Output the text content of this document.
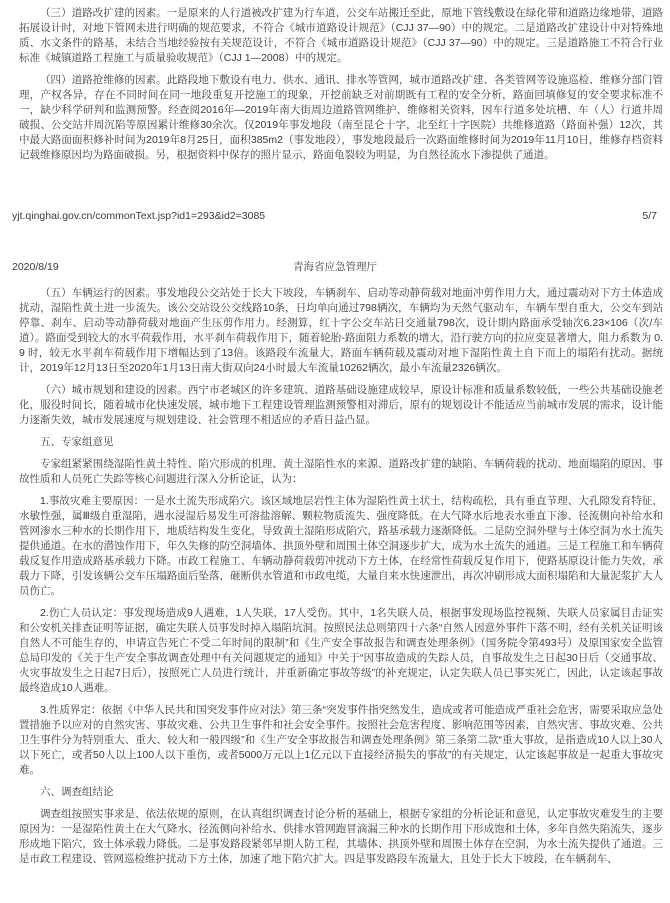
（三）道路改扩建的因素。一是原来的人行道被改扩建为行车道，公交车站搬迁至此，原地下管线敷设在绿化带和道路边缘地带，道路拓展设计时，对地下管网未进行明确的规范要求，不符合《城市道路设计规范》（CJJ 37—90）中的规定。二是道路改扩建设计中对特殊地质、水文条件的路基，未结合当地经验按有关规范设计，不符合《城市道路设计规范》（CJJ 37—90）中的规定。三是道路施工不符合行业标准《城镇道路工程施工与质量验收规范》（CJJ 1—2008）中的规定。

（四）道路抢维修的因素。此路段地下敷设有电力、供水、通讯、排水等管网，城市道路改扩建、各类管网等设施巡检、维修分部门管理，产权各异，存在不同时间在同一地段重复开挖施工的现象，开挖前缺乏对前期既有工程的安全分析，路面回填修复的安全要求标准不一，缺少科学研判和监测预警。经查阅2016年—2019年南大街周边道路管网维护、维修相关资料，因车行道多处坑槽、车（人）行道井周破损、公交站井周沉陷等原因累计维修30余次。仅2019年事发地段（南至昆仑十字，北至红十字医院）共维修道路（路面补强）12次，其中最大路面面积修补时间为2019年8月25日，面积385m2（事发地段），事发地段最后一次路面维修时间为2019年11月10日，维修存档资料记载维修原因均为路面破损。另，根据资料中保存的照片显示，路面龟裂较为明显，为自然径流水下渗提供了通道。

yjt.qinghai.gov.cn/commonText.jsp?id1=293&id2=3085	5/7
2020/8/19	青海省应急管理厅

（五）车辆运行的因素。事发地段公交站处于长大下坡段，车辆刹车、启动等动静荷载对地面冲剪作用力大，通过震动对下方土体造成扰动，湿陷性黄土进一步流失。该公交站设公交线路10条，日均单向通过798辆次，车辆均为天然气驱动车，车辆车型自重大，公交车到站停靠、刹车、启动等动静荷载对地面产生压剪作用力。经测算，红十字公交车站日交通量798次，设计期内路面承受轴次6.23×106（次/车道）。路面受到较大的水平荷载作用，水平刹车荷载作用下，随着轮胎-路面阻力系数的增大，沿行驶方向的拉应变显著增大，阻力系数为 0.9 时，较无水平刹车荷载作用下增幅达到了13倍。该路段车流量大，路面车辆荷载及震动对地下湿陷性黄土自下而上的塌陷有扰动。据统计，2019年12月13日至2020年1月13日南大街双向24小时最大车流量10262辆次，最小车流量2326辆次。

（六）城市规划和建设的因素。西宁市老城区的许多建筑、道路基础设施建成较早，原设计标准和质量系数较低，一些公共基础设施老化，服役时间长，随着城市化快速发展，城市地下工程建设管理监测预警相对滞后，原有的规划设计不能适应当前城市发展的需求，设计能力逐渐失效，城市发展速度与规划建设、社会管理不相适应的矛盾日益凸显。

五、专家组意见

专家组紧紧围绕湿陷性黄土特性、陷穴形成的机理、黄土湿陷性水的来源、道路改扩建的缺陷、车辆荷载的扰动、地面塌陷的原因、事故性质和人员死亡失踪等核心问题进行深入分析论证，认为：

1.事故灾难主要原因：一是水土流失形成陷穴。该区域地层岩性主体为湿陷性黄土状土，结构疏松，具有垂直节理、大孔隙发育特征，水敏性强，属Ⅲ级自重湿陷，遇水浸湿后易发生可溶盐溶解、颗粒物质流失、强度降低。在大气降水后地表水垂直下渗、径流侧向补给水和管网渗水三种水的长期作用下，地质结构发生变化，导致黄土湿陷形成陷穴，路基承载力逐渐降低。二是防空洞外壁与土体空洞为水土流失提供通道。在水的潜蚀作用下，年久失修的防空洞墙体、拱顶外壁和周围土体空洞逐步扩大，成为水土流失的通道。三是工程施工和车辆荷载反复作用造成路基承载力下降。市政工程施工、车辆动静荷载剪冲扰动下方土体，在经常性荷载反复作用下，使路基原设计能力失效，承载力下降，引发该辆公交车压塌路面后坠落，砸断供水管道和市政电缆，大量自来水快速泄出，再次冲刷形成大面积塌陷和大量泥浆扩大人员伤亡。

2.伤亡人员认定：事发现场造成9人遇难，1人失联，17人受伤。其中，1名失联人员，根据事发现场监控视频、失联人员家属目击证实和公安机关排查证明等证据，确定失联人员事发时掉入塌陷坑洞。按照民法总则第四十六条“自然人因意外事件下落不明，经有关机关证明该自然人不可能生存的，申请宣告死亡不受二年时间的限制”和《生产安全事故报告和调查处理条例》（国务院令第493号）及原国家安全监管总局印发的《关于生产安全事故调查处理中有关问题规定的通知》中关于“因事故造成的失踪人员，自事故发生之日起30日后（交通事故、火灾事故发生之日起7日后），按照死亡人员进行统计，并重新确定事故等级”的补充规定，认定失联人员已事实死亡，因此，认定该起事故最终造成10人遇难。

3.性质界定：依据《中华人民共和国突发事件应对法》第三条“突发事件指突然发生，造成或者可能造成严重社会危害，需要采取应急处置措施予以应对的自然灾害、事故灾难、公共卫生事件和社会安全事件。按照社会危害程度、影响范围等因素，自然灾害、事故灾难、公共卫生事件分为特别重大、重大、较大和一般四级”和《生产安全事故报告和调查处理条例》第三条第二款“重大事故，是指造成10人以上30人以下死亡，或者50人以上100人以下重伤，或者5000万元以上1亿元以下直接经济损失的事故”的有关规定，认定该起事故是一起重大事故灾难。

六、调查组结论

调查组按照实事求是、依法依规的原则，在认真组织调查讨论分析的基础上，根据专家组的分析论证和意见，认定事故灾难发生的主要原因为：一是湿陷性黄土在大气降水、径流侧向补给水、供排水管网跑冒滴漏三种水的长期作用下形成饱和土体，多年自然失陷流失，逐步形成地下陷穴，致土体承载力降低。二是事发路段紧邻早期人防工程，其墙体、拱顶外壁和周围土体存在空洞，为水土流失提供了通道。三是市政工程建设、管网巡检维护扰动下方土体，加速了地下陷穴扩大。四是事发路段车流量大，且处于长大下坡段，在车辆刹车、
